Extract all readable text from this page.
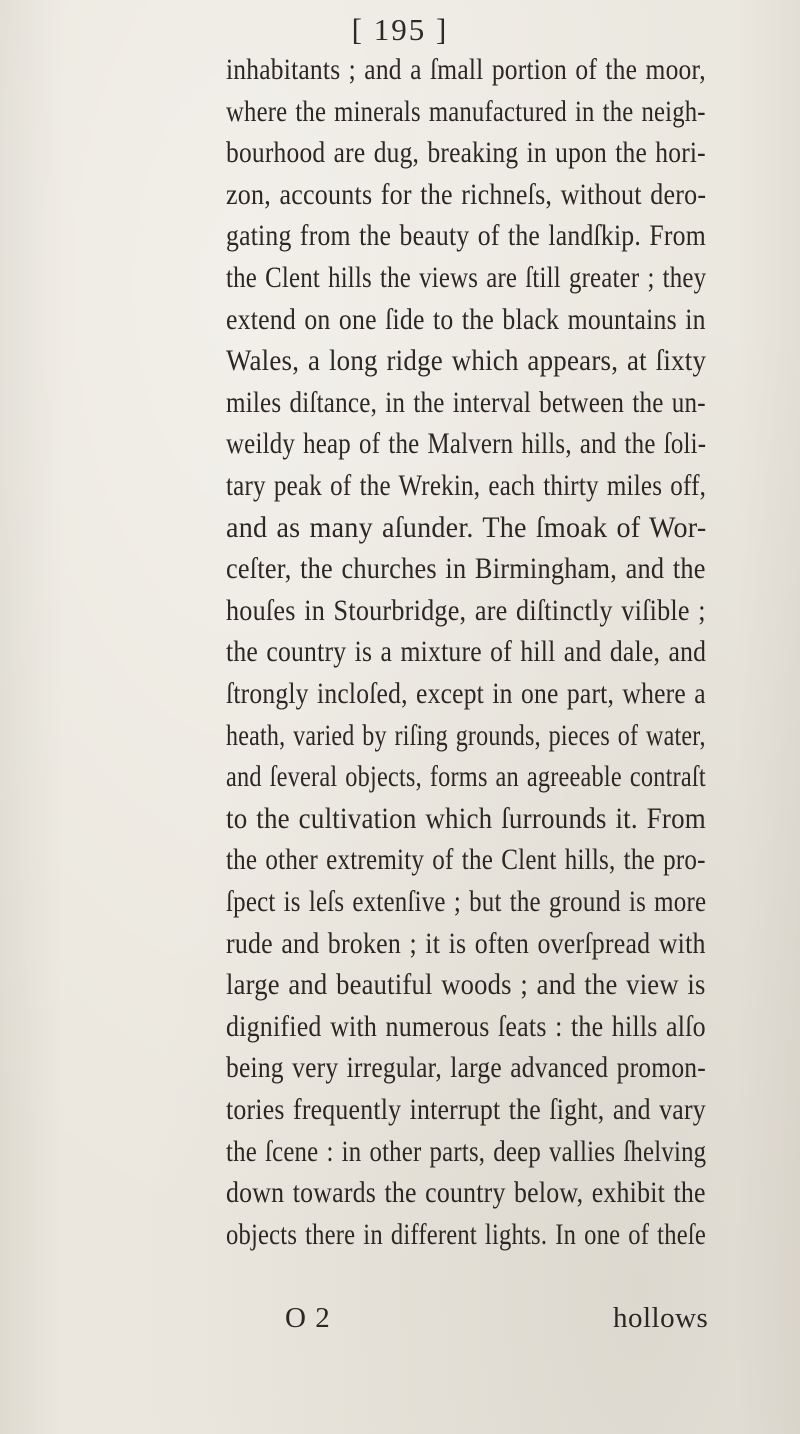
[ 195 ]
inhabitants ; and a ſmall portion of the moor,
where the minerals manufactured in the neigh-
bourhood are dug, breaking in upon the hori-
zon, accounts for the richneſs, without dero-
gating from the beauty of the landſkip. From
the Clent hills the views are ſtill greater ; they
extend on one ſide to the black mountains in
Wales, a long ridge which appears, at ſixty
miles diſtance, in the interval between the un-
weildy heap of the Malvern hills, and the ſoli-
tary peak of the Wrekin, each thirty miles off,
and as many aſunder. The ſmoak of Wor-
ceſter, the churches in Birmingham, and the
houſes in Stourbridge, are diſtinctly viſible ;
the country is a mixture of hill and dale, and
ſtrongly incloſed, except in one part, where a
heath, varied by riſing grounds, pieces of water,
and ſeveral objects, forms an agreeable contraſt
to the cultivation which ſurrounds it. From
the other extremity of the Clent hills, the pro-
ſpect is leſs extenſive ; but the ground is more
rude and broken ; it is often overſpread with
large and beautiful woods ; and the view is
dignified with numerous ſeats : the hills alſo
being very irregular, large advanced promon-
tories frequently interrupt the ſight, and vary
the ſcene : in other parts, deep vallies ſhelving
down towards the country below, exhibit the
objects there in different lights. In one of theſe
O 2	hollows
